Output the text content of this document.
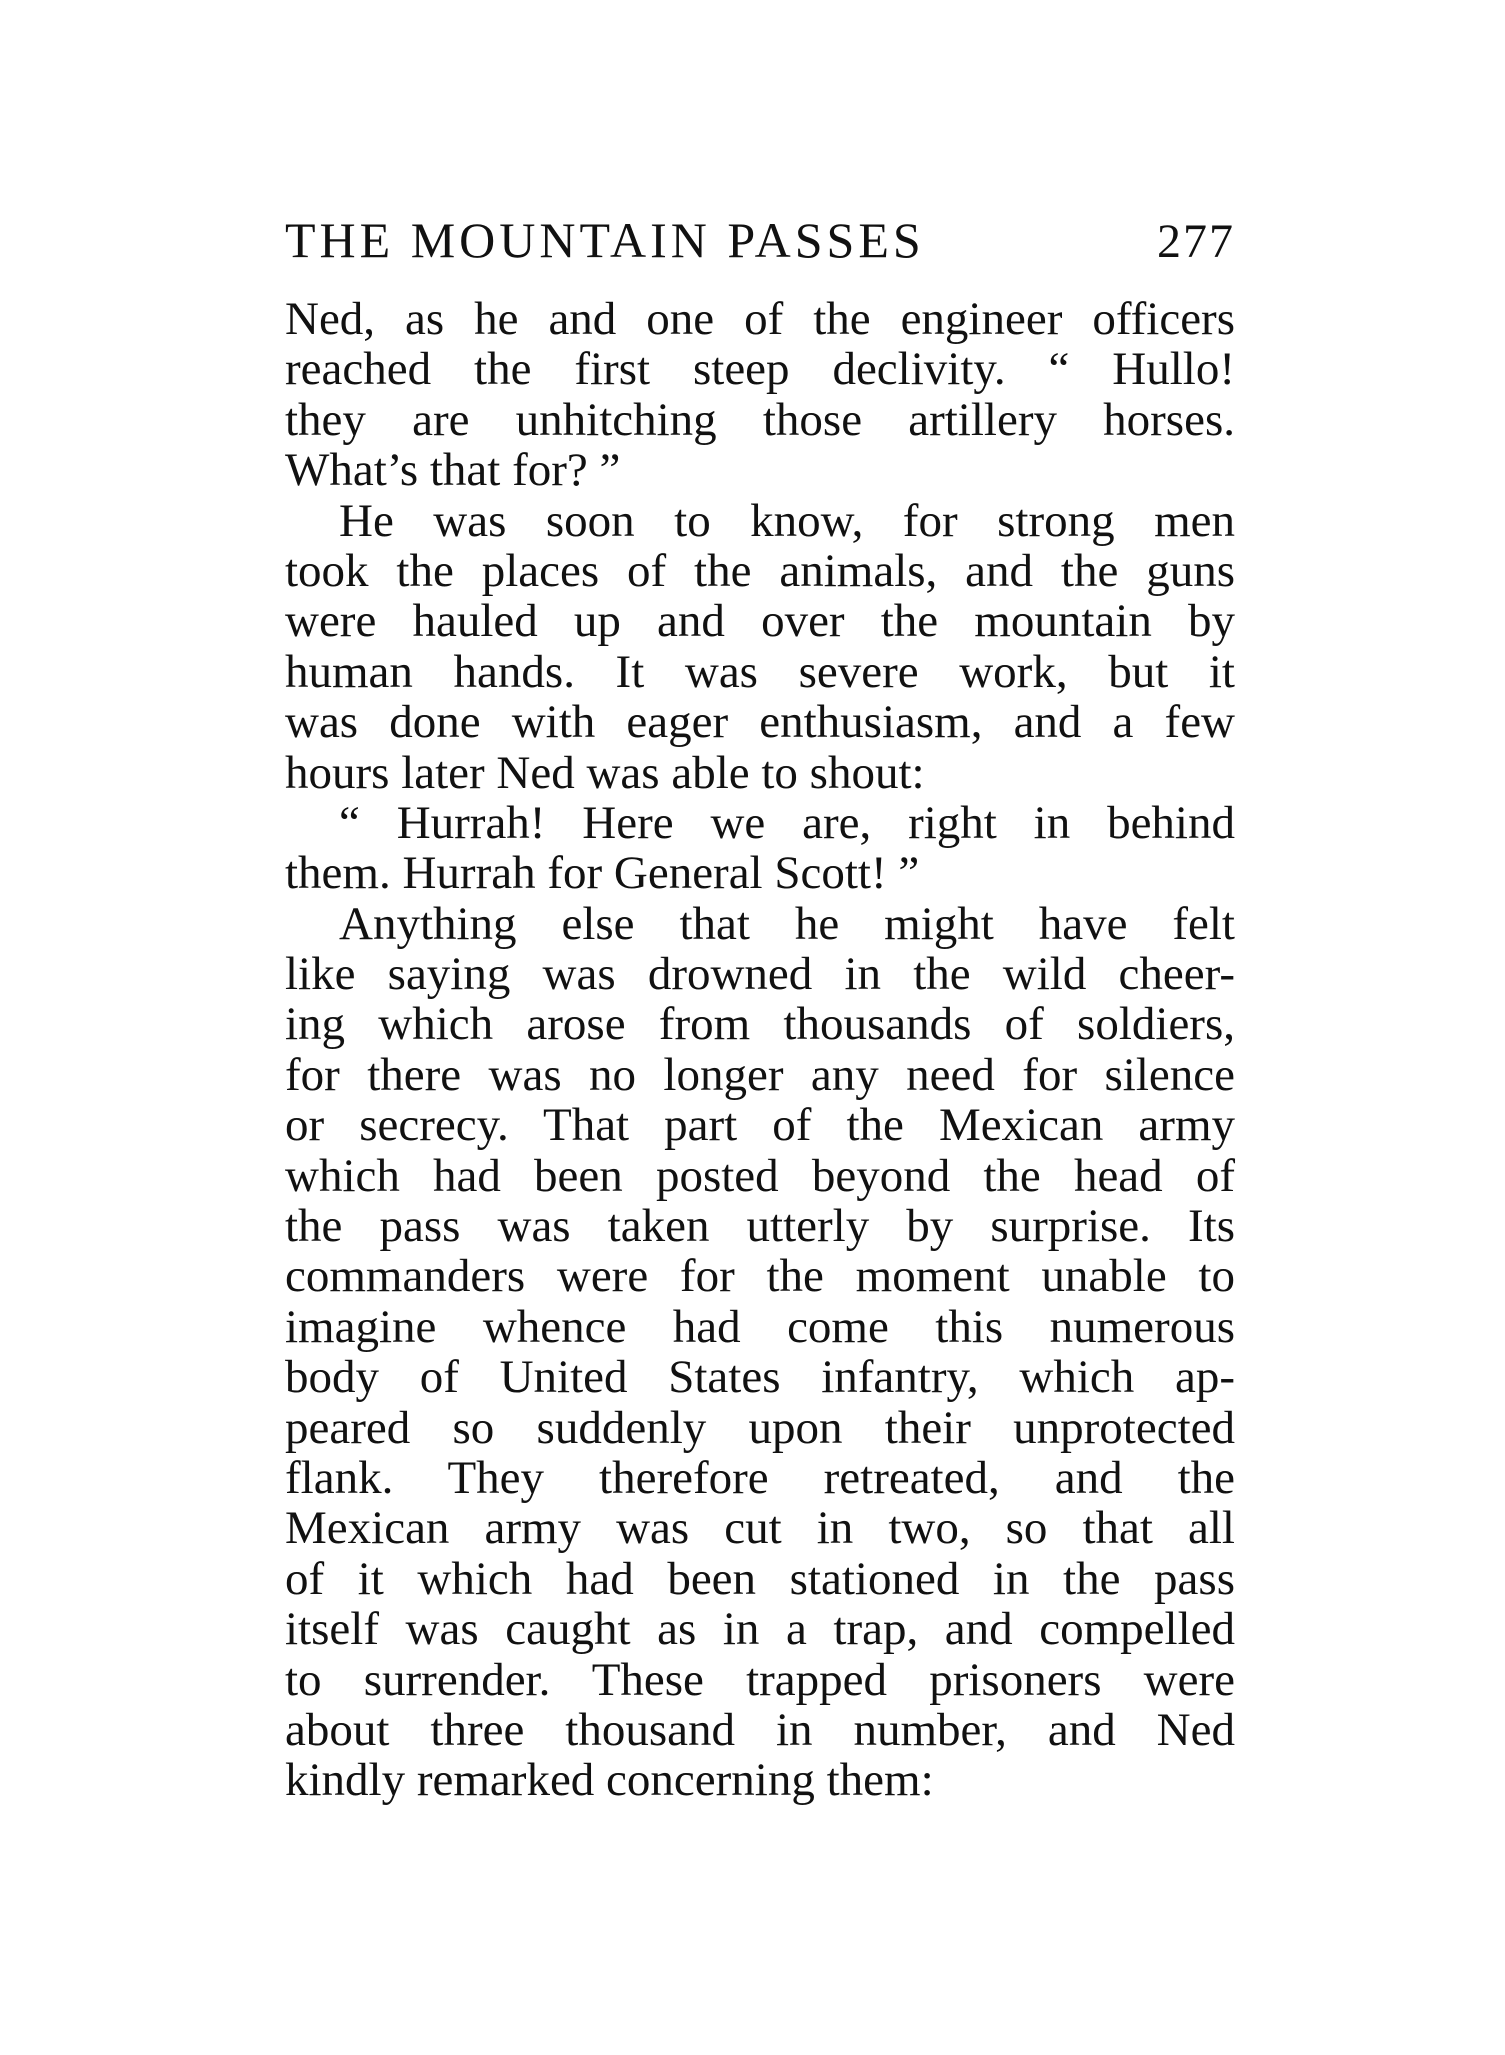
THE MOUNTAIN PASSES	277
Ned, as he and one of the engineer officers
reached the first steep declivity. “ Hullo!
they are unhitching those artillery horses.
What’s that for? ”
He was soon to know, for strong men
took the places of the animals, and the guns
were hauled up and over the mountain by
human hands. It was severe work, but it
was done with eager enthusiasm, and a few
hours later Ned was able to shout:
“ Hurrah! Here we are, right in behind
them. Hurrah for General Scott! ”
Anything else that he might have felt
like saying was drowned in the wild cheer-
ing which arose from thousands of soldiers,
for there was no longer any need for silence
or secrecy. That part of the Mexican army
which had been posted beyond the head of
the pass was taken utterly by surprise. Its
commanders were for the moment unable to
imagine whence had come this numerous
body of United States infantry, which ap-
peared so suddenly upon their unprotected
flank. They therefore retreated, and the
Mexican army was cut in two, so that all
of it which had been stationed in the pass
itself was caught as in a trap, and compelled
to surrender. These trapped prisoners were
about three thousand in number, and Ned
kindly remarked concerning them:
